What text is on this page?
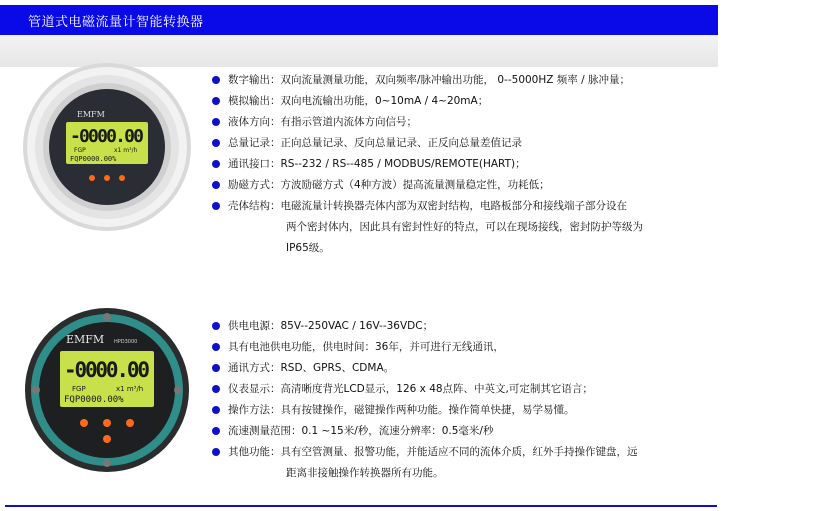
管道式电磁流量计智能转换器
EMFM
-0000.00
FGP	x1 m³/h
FQP0000.00%
EMFM HPD3000
-0000.00
FGP	x1 m³/h
FQP0000.00%
数字输出：双向流量测量功能，双向频率/脉冲输出功能， 0--5000HZ 频率 / 脉冲量；
模拟输出：双向电流输出功能，0~10mA / 4~20mA；
液体方向：有指示管道内流体方向信号；
总量记录：正向总量记录、反向总量记录、正反向总量差值记录
通讯接口：RS--232 / RS--485 / MODBUS/REMOTE(HART)；
励磁方式：方波励磁方式（4种方波）提高流量测量稳定性，功耗低；
壳体结构：电磁流量计转换器壳体内部为双密封结构，电路板部分和接线端子部分设在
两个密封体内，因此具有密封性好的特点，可以在现场接线，密封防护等级为
IP65级。
供电电源：85V--250VAC / 16V--36VDC；
具有电池供电功能，供电时间：36年，并可进行无线通讯，
通讯方式：RSD、GPRS、CDMA。
仪表显示：高清晰度背光LCD显示，126 x 48点阵、中英文,可定制其它语言；
操作方法：具有按键操作，磁键操作两种功能。操作简单快捷，易学易懂。
流速测量范围：0.1 ~15米/秒，流速分辨率：0.5毫米/秒
其他功能：具有空管测量、报警功能，并能适应不同的流体介质，红外手持操作键盘，远
距离非接触操作转换器所有功能。
